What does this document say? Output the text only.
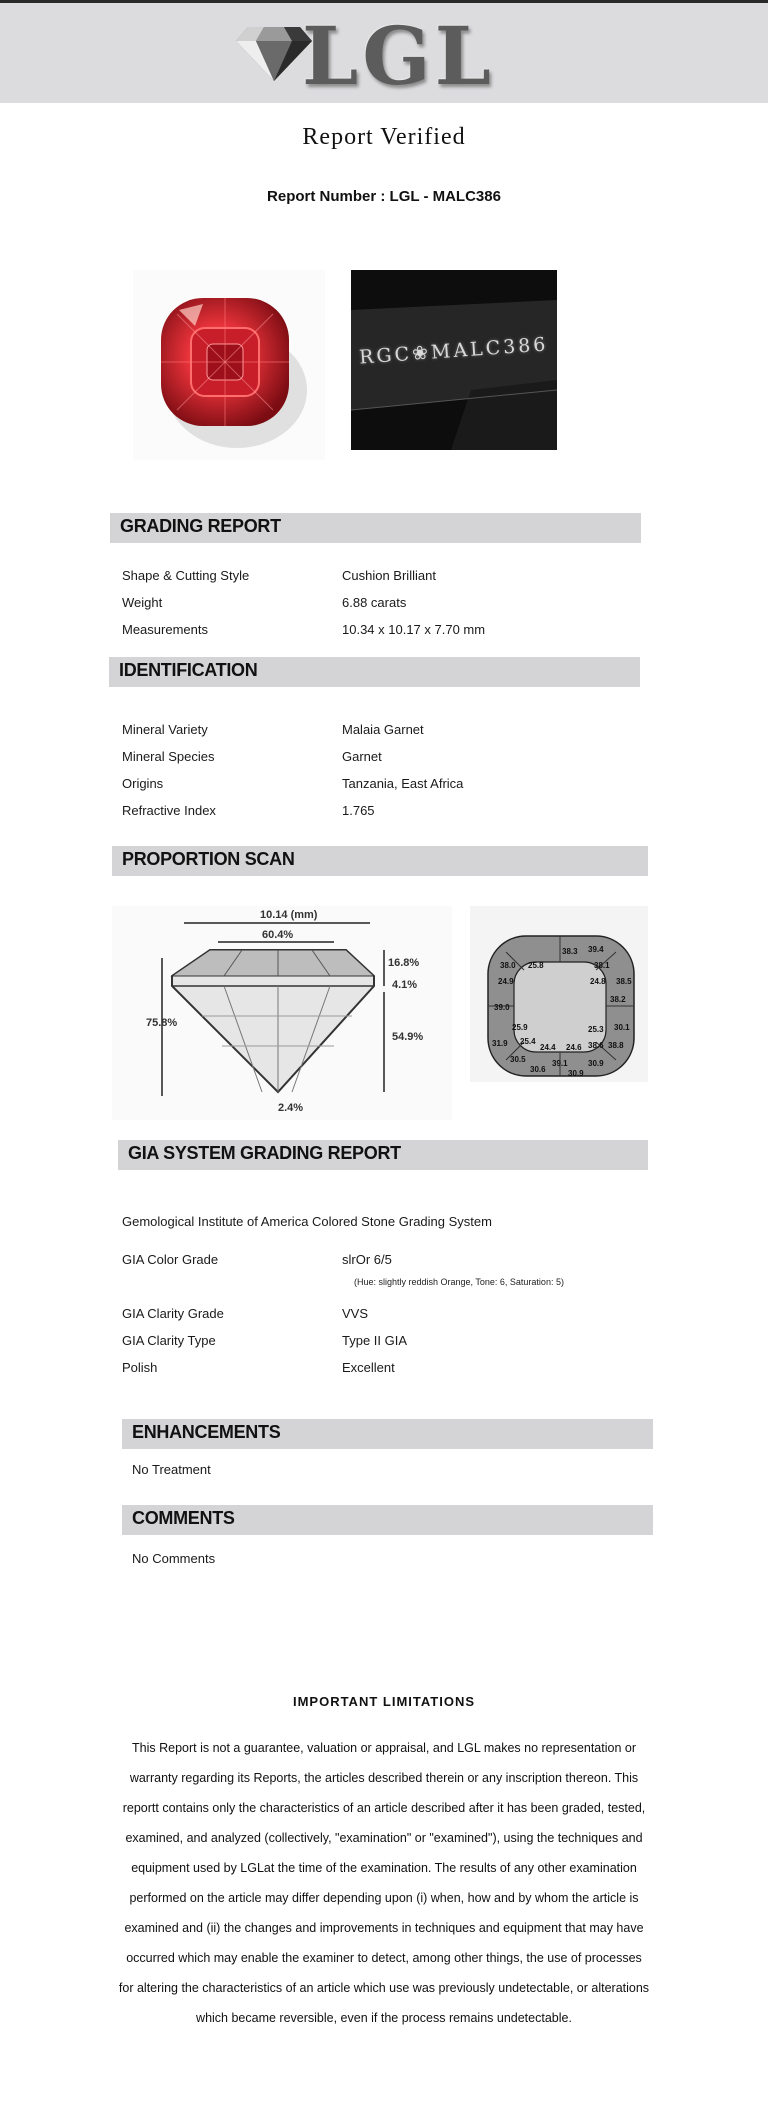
LGL
Report Verified
Report Number : LGL - MALC386
RGC❀MALC386
GRADING REPORT
Shape & Cutting Style	Cushion Brilliant
Weight	6.88 carats
Measurements	10.34 x 10.17 x 7.70 mm
IDENTIFICATION
Mineral Variety	Malaia Garnet
Mineral Species	Garnet
Origins	Tanzania, East Africa
Refractive Index	1.765
PROPORTION SCAN
10.14 (mm)
60.4%
16.8%
4.1%
75.8%
54.9%
2.4%
38.3 39.4
38.0	38.1
24.9
25.8
39.0
38.2
38.5
38.8
31.9 25.4
24.4 24.6
30.9
30.1
30.5
30.6
25.9
39.1
24.8
25.3
38.6
30.9
GIA SYSTEM GRADING REPORT
Gemological Institute of America Colored Stone Grading System
GIA Color Grade	slrOr 6/5
(Hue: slightly reddish Orange, Tone: 6, Saturation: 5)
GIA Clarity Grade	VVS
GIA Clarity Type	Type II GIA
Polish	Excellent
ENHANCEMENTS
No Treatment
COMMENTS
No Comments
IMPORTANT LIMITATIONS
This Report is not a guarantee, valuation or appraisal, and LGL makes no representation or warranty regarding its Reports, the articles described therein or any inscription thereon. This reportt contains only the characteristics of an article described after it has been graded, tested, examined, and analyzed (collectively, "examination" or "examined"), using the techniques and equipment used by LGLat the time of the examination. The results of any other examination performed on the article may differ depending upon (i) when, how and by whom the article is examined and (ii) the changes and improvements in techniques and equipment that may have occurred which may enable the examiner to detect, among other things, the use of processes for altering the characteristics of an article which use was previously undetectable, or alterations which became reversible, even if the process remains undetectable.
